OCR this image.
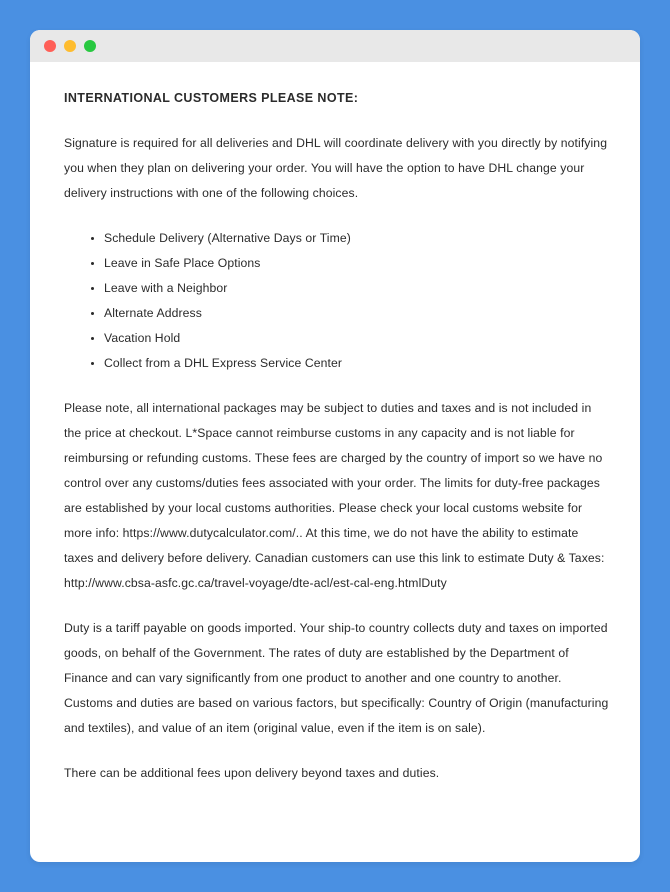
INTERNATIONAL CUSTOMERS PLEASE NOTE:

Signature is required for all deliveries and DHL will coordinate delivery with you directly by notifying you when they plan on delivering your order. You will have the option to have DHL change your delivery instructions with one of the following choices.

• Schedule Delivery (Alternative Days or Time)
• Leave in Safe Place Options
• Leave with a Neighbor
• Alternate Address
• Vacation Hold
• Collect from a DHL Express Service Center

Please note, all international packages may be subject to duties and taxes and is not included in the price at checkout. L*Space cannot reimburse customs in any capacity and is not liable for reimbursing or refunding customs. These fees are charged by the country of import so we have no control over any customs/duties fees associated with your order. The limits for duty-free packages are established by your local customs authorities. Please check your local customs website for more info: https://www.dutycalculator.com/.. At this time, we do not have the ability to estimate taxes and delivery before delivery. Canadian customers can use this link to estimate Duty & Taxes: http://www.cbsa-asfc.gc.ca/travel-voyage/dte-acl/est-cal-eng.htmlDuty

Duty is a tariff payable on goods imported. Your ship-to country collects duty and taxes on imported goods, on behalf of the Government. The rates of duty are established by the Department of Finance and can vary significantly from one product to another and one country to another. Customs and duties are based on various factors, but specifically: Country of Origin (manufacturing and textiles), and value of an item (original value, even if the item is on sale).

There can be additional fees upon delivery beyond taxes and duties.
